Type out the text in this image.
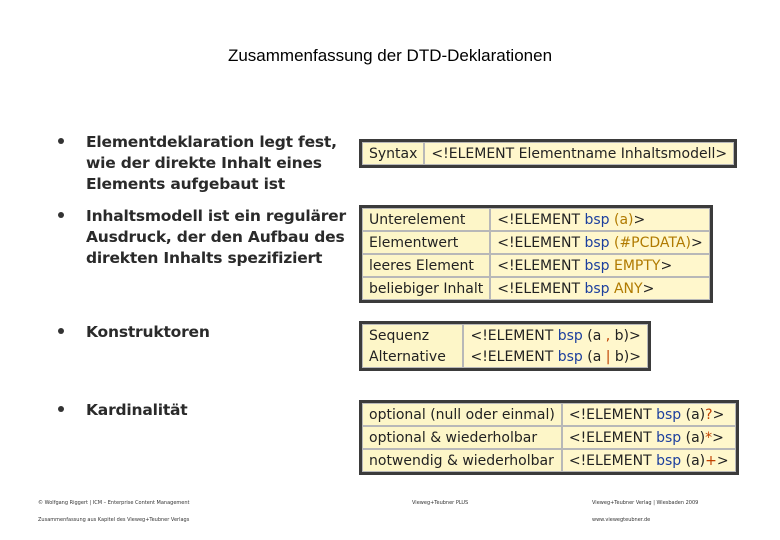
Zusammenfassung der DTD-Deklarationen
Elementdeklaration legt fest, wie der direkte Inhalt eines Elements aufgebaut ist
Inhaltsmodell ist ein regulärer Ausdruck, der den Aufbau des direkten Inhalts spezifiziert
Konstruktoren
Kardinalität
Syntax	<!ELEMENT Elementname Inhaltsmodell>
Unterelement	<!ELEMENT bsp (a)>
Elementwert	<!ELEMENT bsp (#PCDATA)>
leeres Element	<!ELEMENT bsp EMPTY>
beliebiger Inhalt	<!ELEMENT bsp ANY>
Sequenz	<!ELEMENT bsp (a , b)>
Alternative	<!ELEMENT bsp (a | b)>
optional (null oder einmal)	<!ELEMENT bsp (a)?>
optional & wiederholbar	<!ELEMENT bsp (a)*>
notwendig & wiederholbar	<!ELEMENT bsp (a)+>
© Wolfgang Riggert | ICM – Enterprise Content Management
Zusammenfassung aus Kapitel des Vieweg+Teubner Verlags
Vieweg+Teubner PLUS	Vieweg+Teubner Verlag | Wiesbaden 2009
www.viewegteubner.de
